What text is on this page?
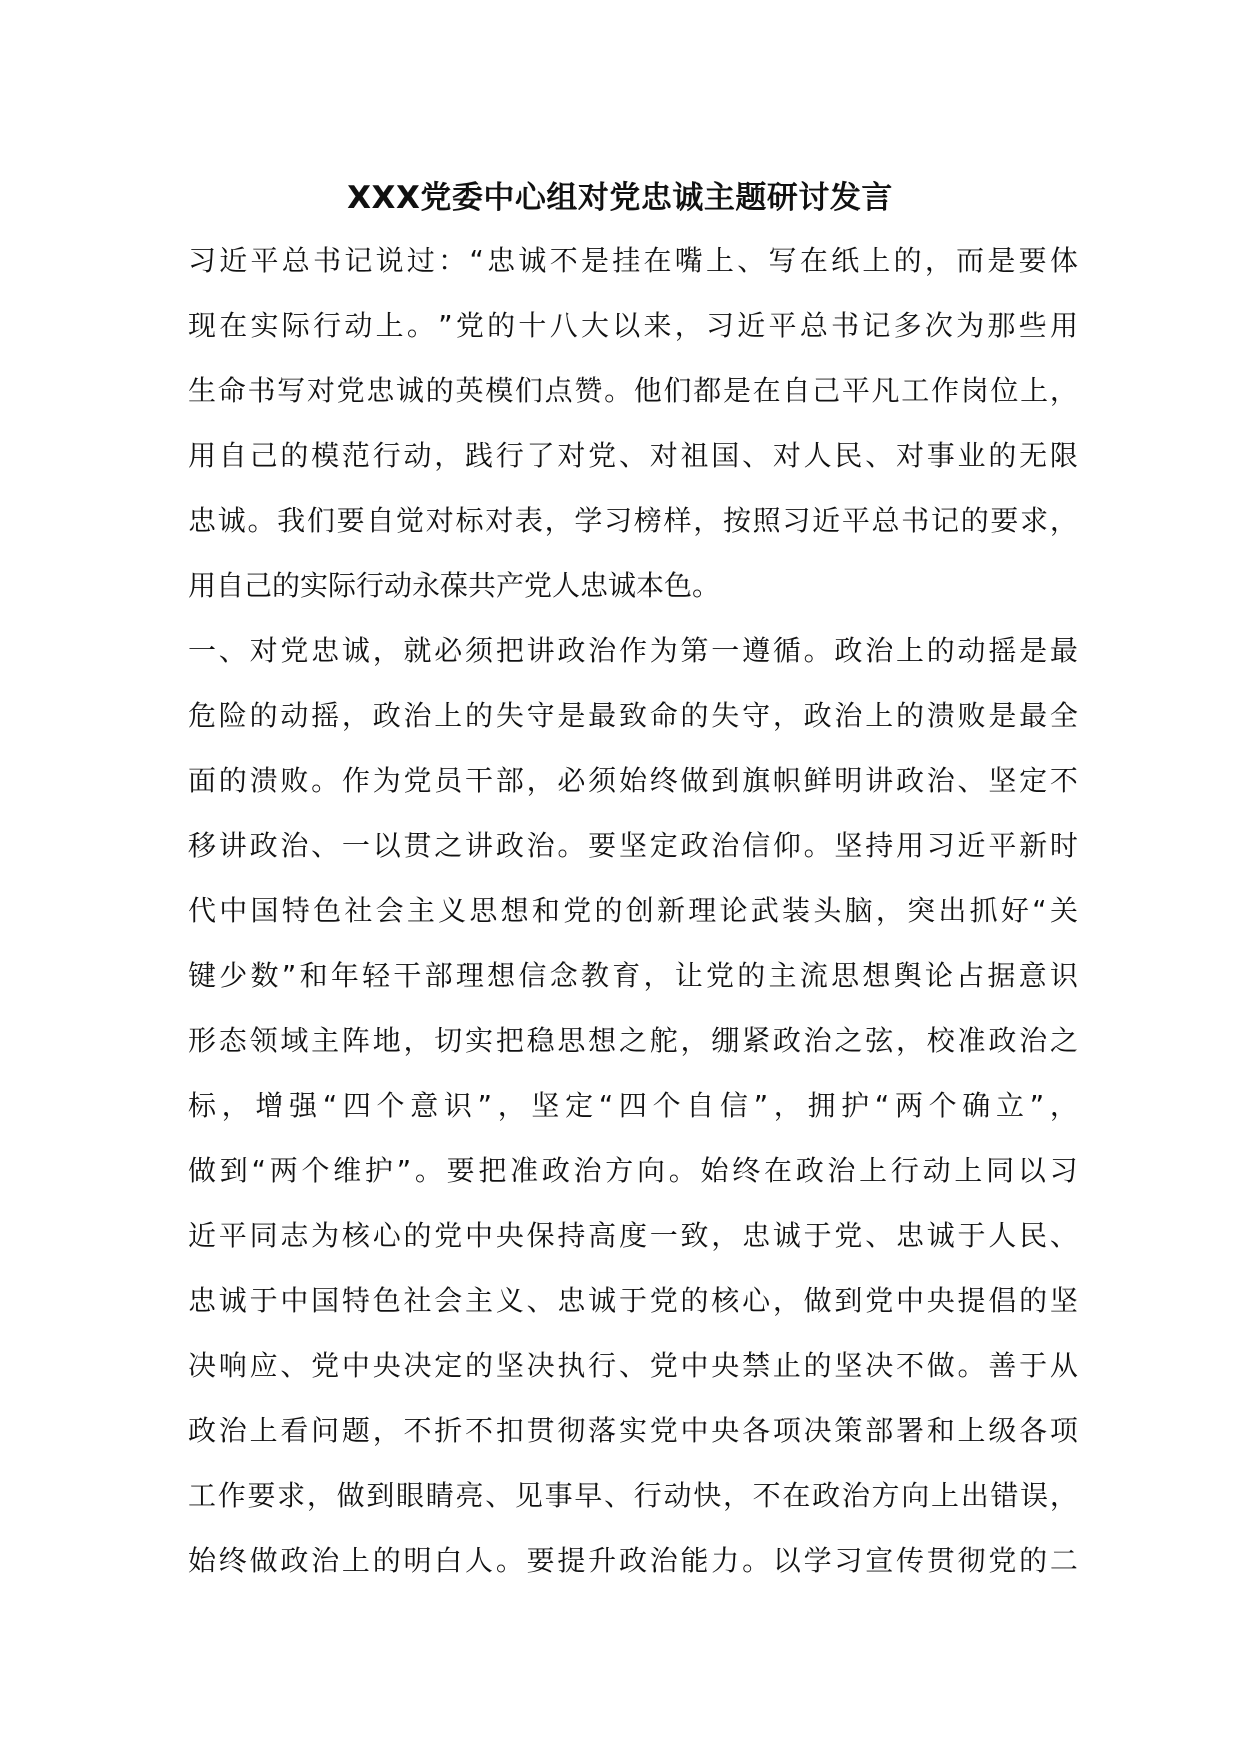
XXX党委中心组对党忠诚主题研讨发言
习 近 平 总 书 记 说 过 ： “ 忠 诚 不 是 挂 在 嘴 上 、 写 在 纸 上 的 ， 而 是 要 体
现 在 实 际 行 动 上 。 ” 党 的 十 八 大 以 来 ， 习 近 平 总 书 记 多 次 为 那 些 用
生 命 书 写 对 党 忠 诚 的 英 模 们 点 赞 。 他 们 都 是 在 自 己 平 凡 工 作 岗 位 上 ，
用 自 己 的 模 范 行 动 ， 践 行 了 对 党 、 对 祖 国 、 对 人 民 、 对 事 业 的 无 限
忠 诚 。 我 们 要 自 觉 对 标 对 表 ， 学 习 榜 样 ， 按 照 习 近 平 总 书 记 的 要 求 ，
用自己的实际行动永葆共产党人忠诚本色。
一 、 对 党 忠 诚 ， 就 必 须 把 讲 政 治 作 为 第 一 遵 循 。 政 治 上 的 动 摇 是 最
危 险 的 动 摇 ， 政 治 上 的 失 守 是 最 致 命 的 失 守 ， 政 治 上 的 溃 败 是 最 全
面 的 溃 败 。 作 为 党 员 干 部 ， 必 须 始 终 做 到 旗 帜 鲜 明 讲 政 治 、 坚 定 不
移 讲 政 治 、 一 以 贯 之 讲 政 治 。 要 坚 定 政 治 信 仰 。 坚 持 用 习 近 平 新 时
代 中 国 特 色 社 会 主 义 思 想 和 党 的 创 新 理 论 武 装 头 脑 ， 突 出 抓 好 “ 关
键 少 数 ” 和 年 轻 干 部 理 想 信 念 教 育 ， 让 党 的 主 流 思 想 舆 论 占 据 意 识
形 态 领 域 主 阵 地 ， 切 实 把 稳 思 想 之 舵 ， 绷 紧 政 治 之 弦 ， 校 准 政 治 之
标 ， 增 强 “ 四 个 意 识 ” ， 坚 定 “ 四 个 自 信 ” ， 拥 护 “ 两 个 确 立 ” ，
做 到 “ 两 个 维 护 ” 。 要 把 准 政 治 方 向 。 始 终 在 政 治 上 行 动 上 同 以 习
近 平 同 志 为 核 心 的 党 中 央 保 持 高 度 一 致 ， 忠 诚 于 党 、 忠 诚 于 人 民 、
忠 诚 于 中 国 特 色 社 会 主 义 、 忠 诚 于 党 的 核 心 ， 做 到 党 中 央 提 倡 的 坚
决 响 应 、 党 中 央 决 定 的 坚 决 执 行 、 党 中 央 禁 止 的 坚 决 不 做 。 善 于 从
政 治 上 看 问 题 ， 不 折 不 扣 贯 彻 落 实 党 中 央 各 项 决 策 部 署 和 上 级 各 项
工 作 要 求 ， 做 到 眼 睛 亮 、 见 事 早 、 行 动 快 ， 不 在 政 治 方 向 上 出 错 误 ，
始 终 做 政 治 上 的 明 白 人 。 要 提 升 政 治 能 力 。 以 学 习 宣 传 贯 彻 党 的 二
